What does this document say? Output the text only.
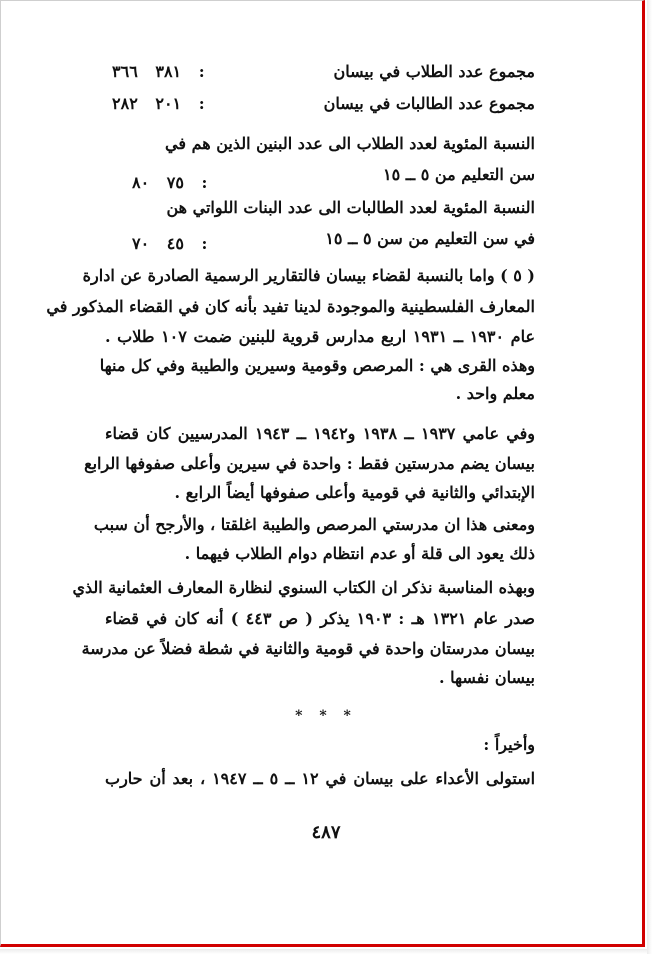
مجموع عدد الطلاب في بيسان
: ٣٨١ ٣٦٦
مجموع عدد الطالبات في بيسان
: ٢٠١ ٢٨٢
النسبة المئوية لعدد الطلاب الى عدد البنين الذين هم في
سن التعليم من ٥ ــ ١٥
: ٧٥ ٨٠
النسبة المئوية لعدد الطالبات الى عدد البنات اللواتي هن
في سن التعليم من سن ٥ ــ ١٥
: ٤٥ ٧٠
( ٥ ) واما بالنسبة لقضاء بيسان فالتقارير الرسمية الصادرة عن ادارة
المعارف الفلسطينية والموجودة لدينا تفيد بأنه كان في القضاء المذكور في
عام ١٩٣٠ ــ ١٩٣١ اربع مدارس قروية للبنين ضمت ١٠٧ طلاب .
وهذه القرى هي : المرصص وقومية وسيرين والطيبة وفي كل منها
معلم واحد .
وفي عامي ١٩٣٧ ــ ١٩٣٨ و١٩٤٢ ــ ١٩٤٣ المدرسيين كان قضاء
بيسان يضم مدرستين فقط : واحدة في سيرين وأعلى صفوفها الرابع
الإبتدائي والثانية في قومية وأعلى صفوفها أيضاً الرابع .
ومعنى هذا ان مدرستي المرصص والطيبة اغلقتا ، والأرجح أن سبب
ذلك يعود الى قلة أو عدم انتظام دوام الطلاب فيهما .
وبهذه المناسبة نذكر ان الكتاب السنوي لنظارة المعارف العثمانية الذي
صدر عام ١٣٢١ هـ : ١٩٠٣ يذكر ( ص ٤٤٣ ) أنه كان في قضاء
بيسان مدرستان واحدة في قومية والثانية في شطة فضلاً عن مدرسة
بيسان نفسها .
* * *
وأخيراً :
استولى الأعداء على بيسان في ١٢ ــ ٥ ــ ١٩٤٧ ، بعد أن حارب
٤٨٧
